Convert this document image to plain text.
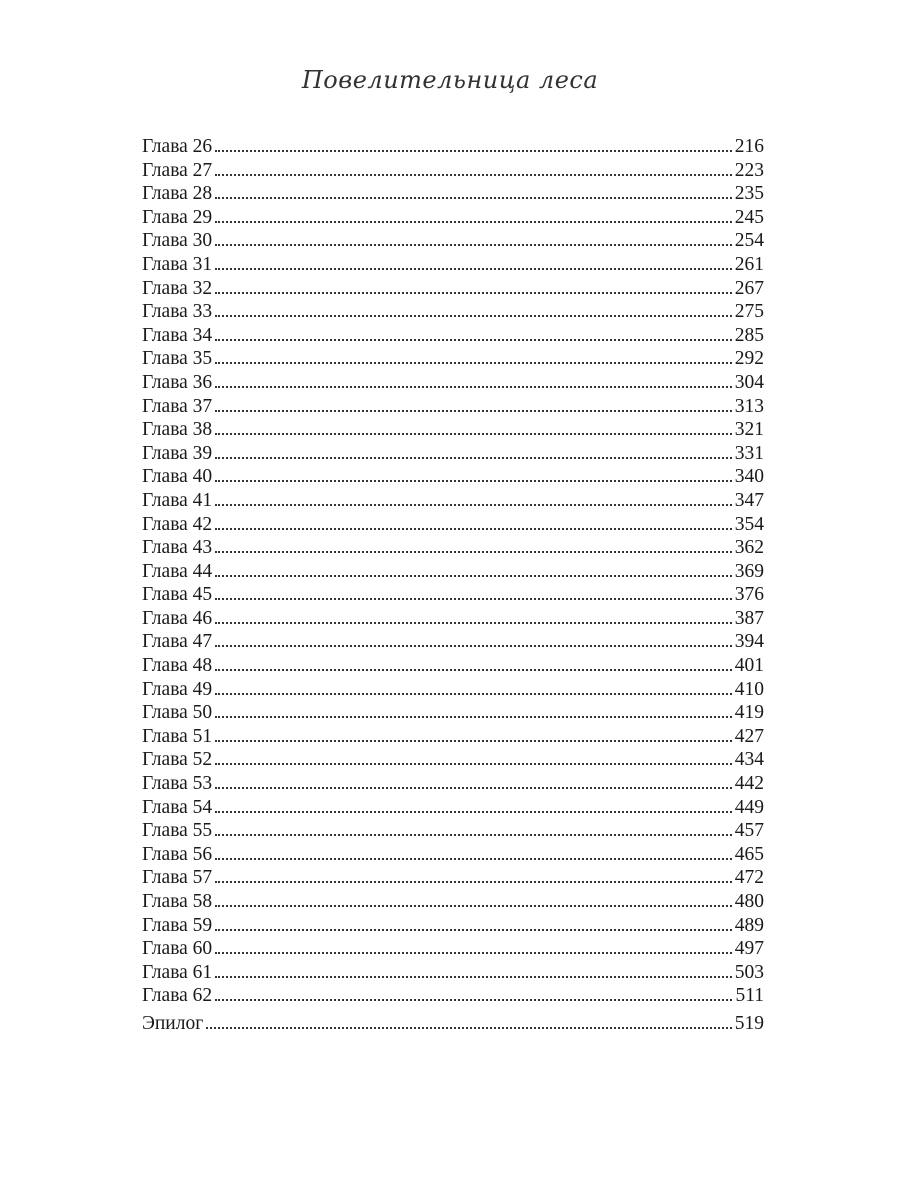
Повелительница леса
Глава 26	216
Глава 27	223
Глава 28	235
Глава 29	245
Глава 30	254
Глава 31	261
Глава 32	267
Глава 33	275
Глава 34	285
Глава 35	292
Глава 36	304
Глава 37	313
Глава 38	321
Глава 39	331
Глава 40	340
Глава 41	347
Глава 42	354
Глава 43	362
Глава 44	369
Глава 45	376
Глава 46	387
Глава 47	394
Глава 48	401
Глава 49	410
Глава 50	419
Глава 51	427
Глава 52	434
Глава 53	442
Глава 54	449
Глава 55	457
Глава 56	465
Глава 57	472
Глава 58	480
Глава 59	489
Глава 60	497
Глава 61	503
Глава 62	511
Эпилог	519
